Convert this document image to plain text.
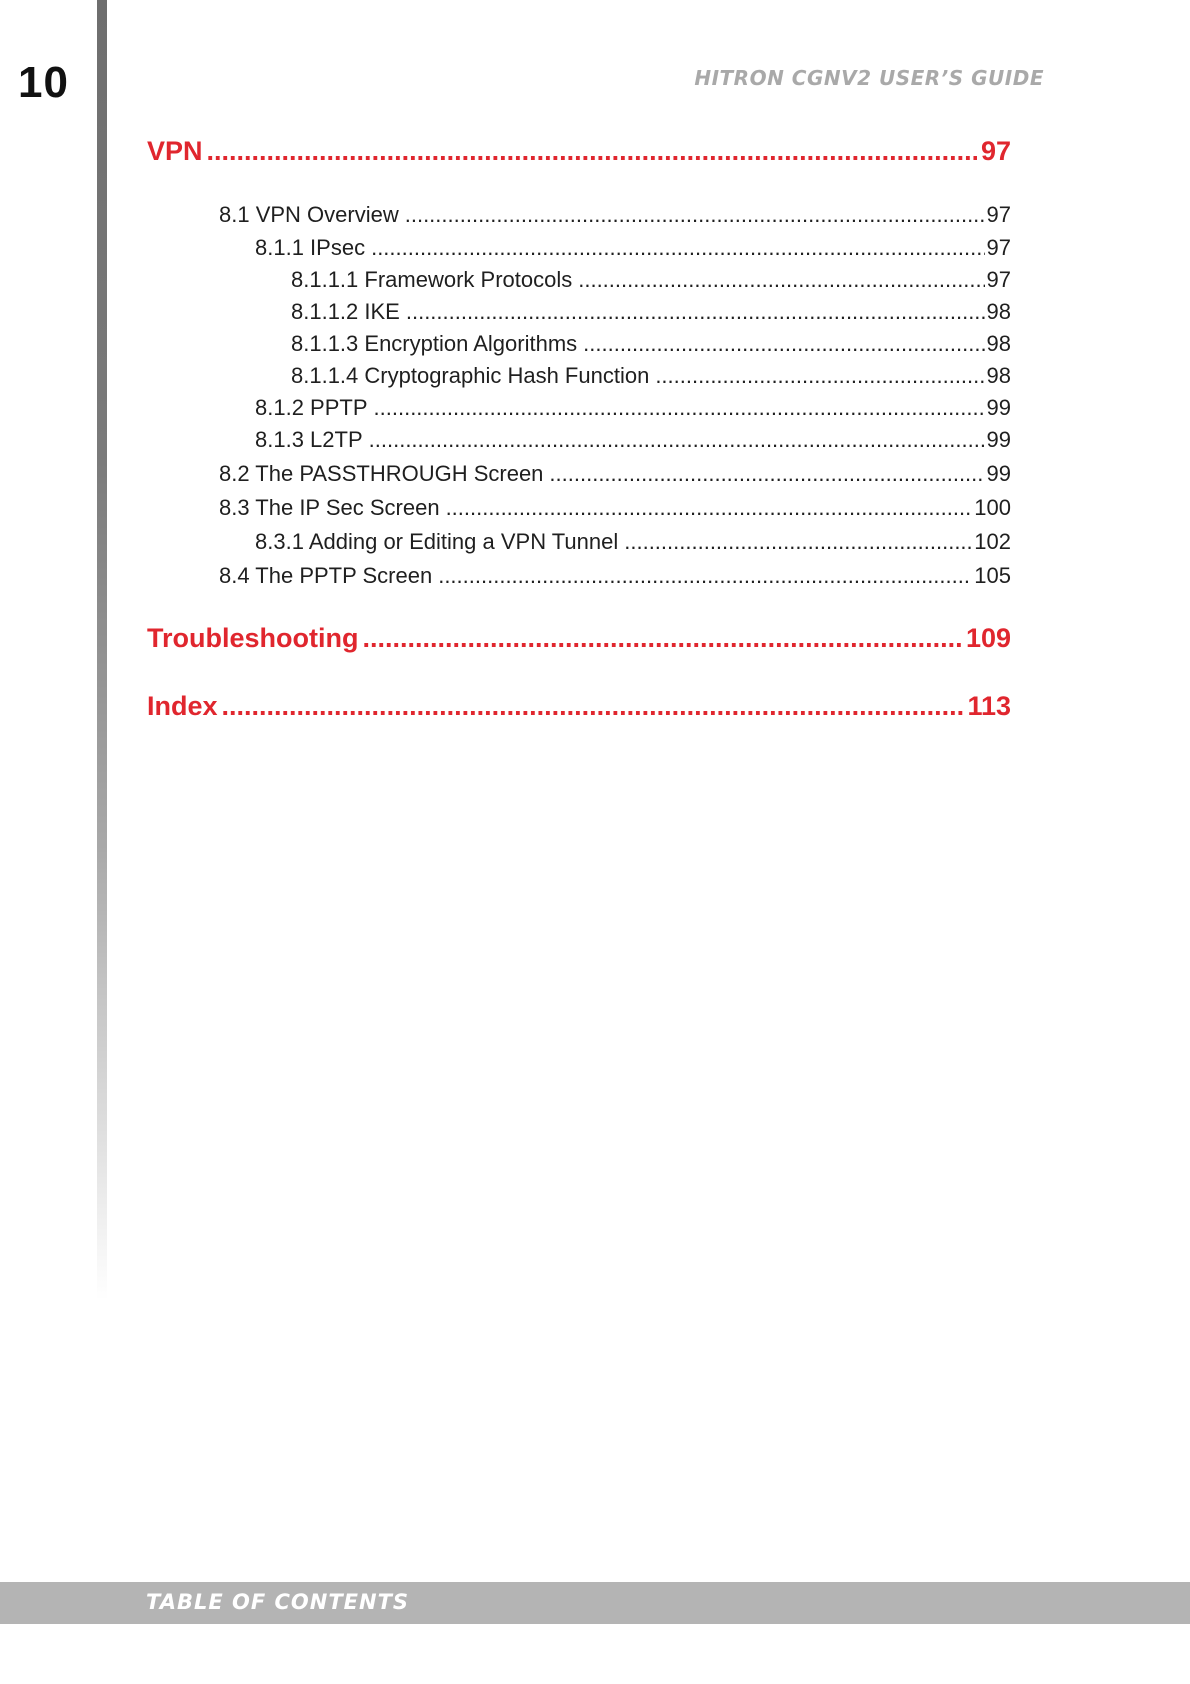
10	HITRON CGNV2 USER’S GUIDE
VPN .....	97
8.1 VPN Overview .....	97
8.1.1 IPsec .....	97
8.1.1.1 Framework Protocols .....	97
8.1.1.2 IKE .....	98
8.1.1.3 Encryption Algorithms .....	98
8.1.1.4 Cryptographic Hash Function .....	98
8.1.2 PPTP .....	99
8.1.3 L2TP .....	99
8.2 The PASSTHROUGH Screen .....	99
8.3 The IP Sec Screen .....	100
8.3.1 Adding or Editing a VPN Tunnel .....	102
8.4 The PPTP Screen .....	105
Troubleshooting .....	109
Index .....	113
TABLE OF CONTENTS
